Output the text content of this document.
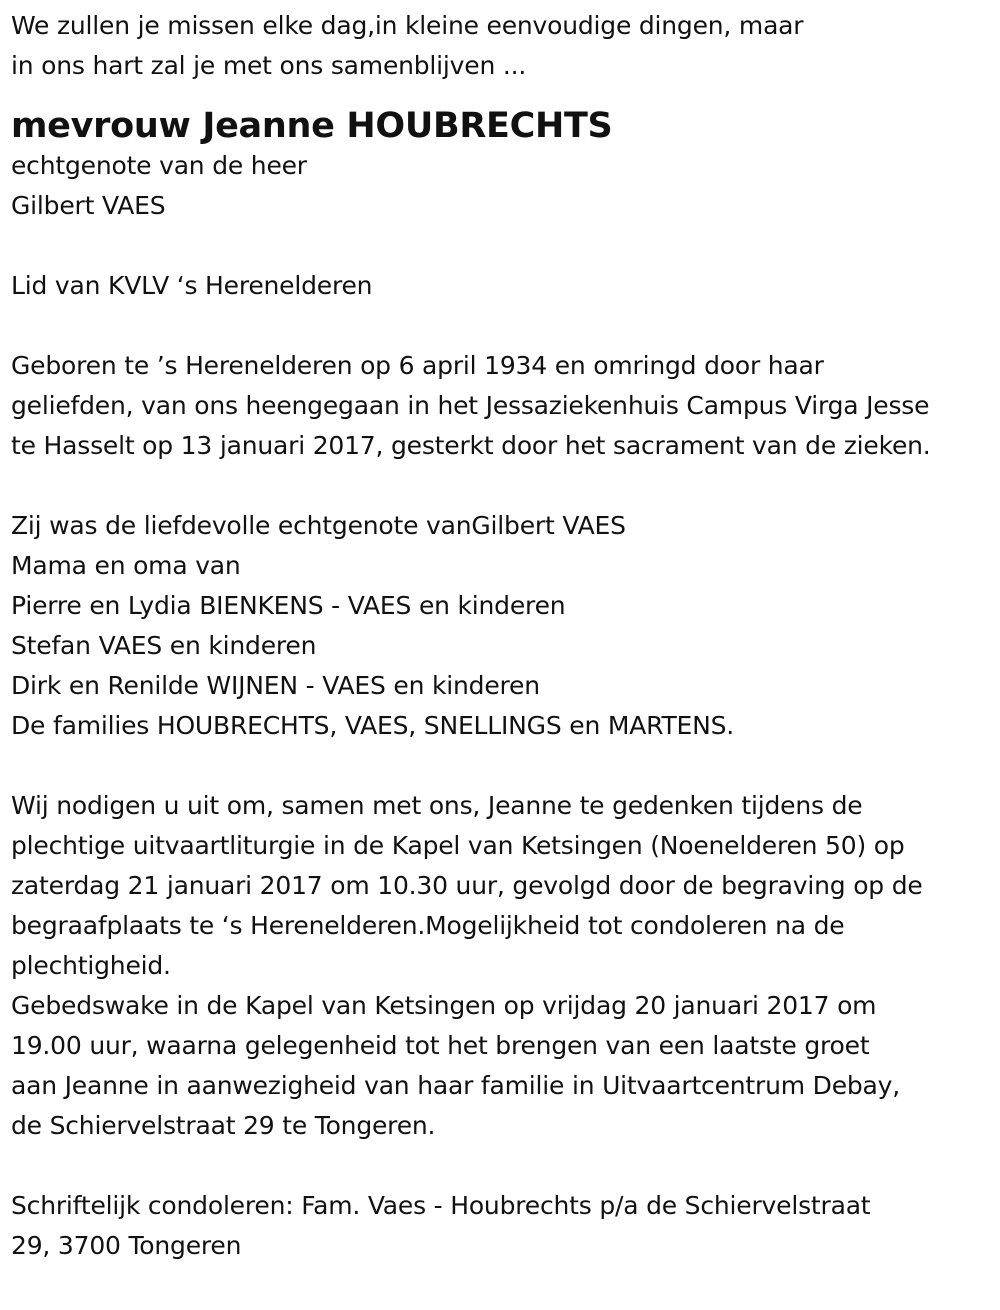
We zullen je missen elke dag,in kleine eenvoudige dingen, maar
in ons hart zal je met ons samenblijven ...
mevrouw Jeanne HOUBRECHTS
echtgenote van de heer
Gilbert VAES
Lid van KVLV ‘s Herenelderen
Geboren te ’s Herenelderen op 6 april 1934 en omringd door haar
geliefden, van ons heengegaan in het Jessaziekenhuis Campus Virga Jesse
te Hasselt op 13 januari 2017, gesterkt door het sacrament van de zieken.
Zij was de liefdevolle echtgenote vanGilbert VAES
Mama en oma van
Pierre en Lydia BIENKENS - VAES en kinderen
Stefan VAES en kinderen
Dirk en Renilde WIJNEN - VAES en kinderen
De families HOUBRECHTS, VAES, SNELLINGS en MARTENS.
Wij nodigen u uit om, samen met ons, Jeanne te gedenken tijdens de
plechtige uitvaartliturgie in de Kapel van Ketsingen (Noenelderen 50) op
zaterdag 21 januari 2017 om 10.30 uur, gevolgd door de begraving op de
begraafplaats te ‘s Herenelderen.Mogelijkheid tot condoleren na de
plechtigheid.
Gebedswake in de Kapel van Ketsingen op vrijdag 20 januari 2017 om
19.00 uur, waarna gelegenheid tot het brengen van een laatste groet
aan Jeanne in aanwezigheid van haar familie in Uitvaartcentrum Debay,
de Schiervelstraat 29 te Tongeren.
Schriftelijk condoleren: Fam. Vaes - Houbrechts p/a de Schiervelstraat
29, 3700 Tongeren
